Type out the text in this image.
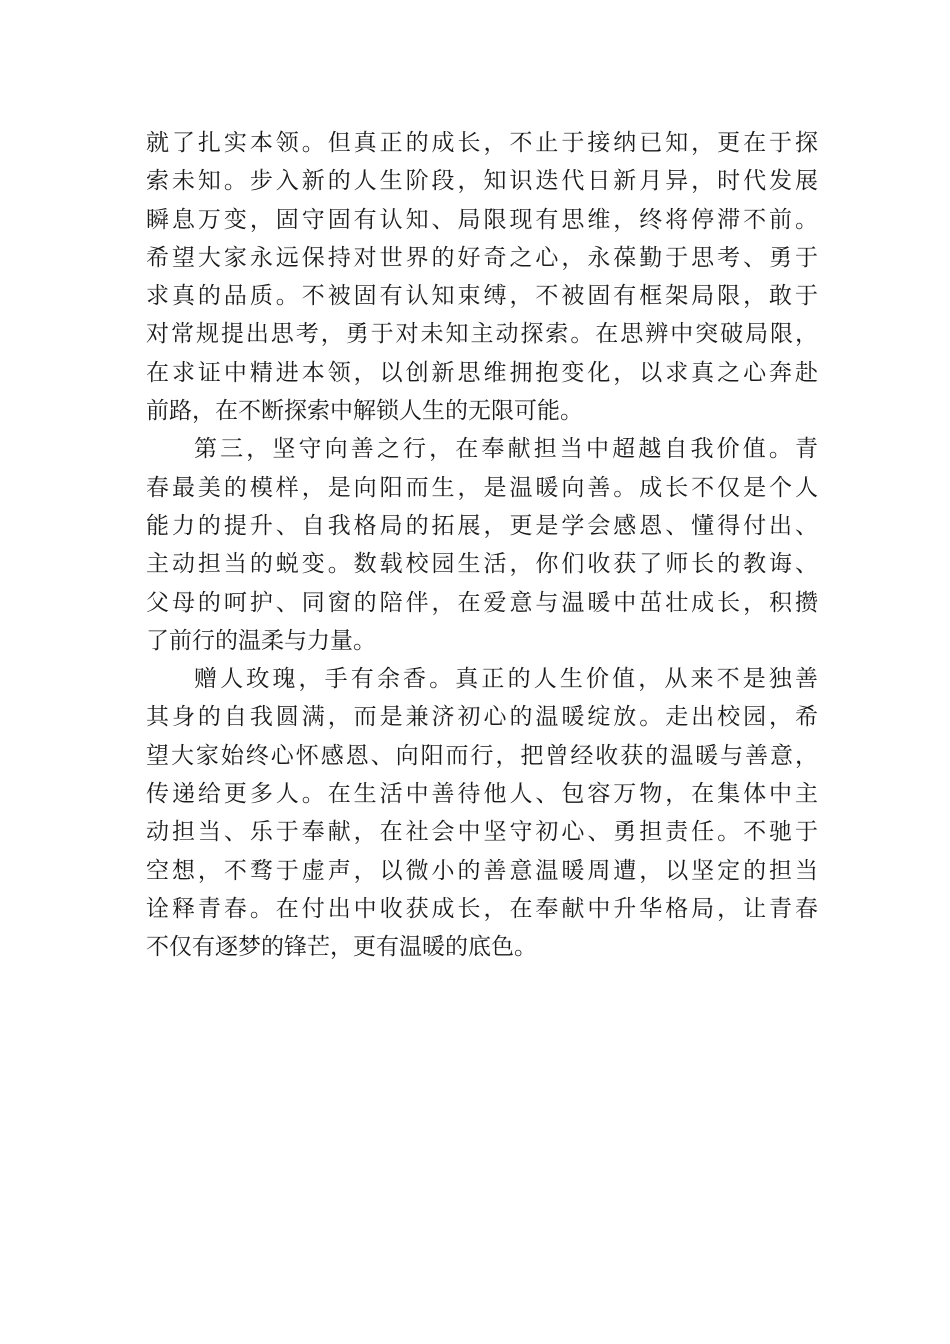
就了扎实本领。但真正的成长，不止于接纳已知，更在于探
索未知。步入新的人生阶段，知识迭代日新月异，时代发展
瞬息万变，固守固有认知、局限现有思维，终将停滞不前。
希望大家永远保持对世界的好奇之心，永葆勤于思考、勇于
求真的品质。不被固有认知束缚，不被固有框架局限，敢于
对常规提出思考，勇于对未知主动探索。在思辨中突破局限，
在求证中精进本领，以创新思维拥抱变化，以求真之心奔赴
前路，在不断探索中解锁人生的无限可能。
第三，坚守向善之行，在奉献担当中超越自我价值。青
春最美的模样，是向阳而生，是温暖向善。成长不仅是个人
能力的提升、自我格局的拓展，更是学会感恩、懂得付出、
主动担当的蜕变。数载校园生活，你们收获了师长的教诲、
父母的呵护、同窗的陪伴，在爱意与温暖中茁壮成长，积攒
了前行的温柔与力量。
赠人玫瑰，手有余香。真正的人生价值，从来不是独善
其身的自我圆满，而是兼济初心的温暖绽放。走出校园，希
望大家始终心怀感恩、向阳而行，把曾经收获的温暖与善意，
传递给更多人。在生活中善待他人、包容万物，在集体中主
动担当、乐于奉献，在社会中坚守初心、勇担责任。不驰于
空想，不骛于虚声，以微小的善意温暖周遭，以坚定的担当
诠释青春。在付出中收获成长，在奉献中升华格局，让青春
不仅有逐梦的锋芒，更有温暖的底色。
